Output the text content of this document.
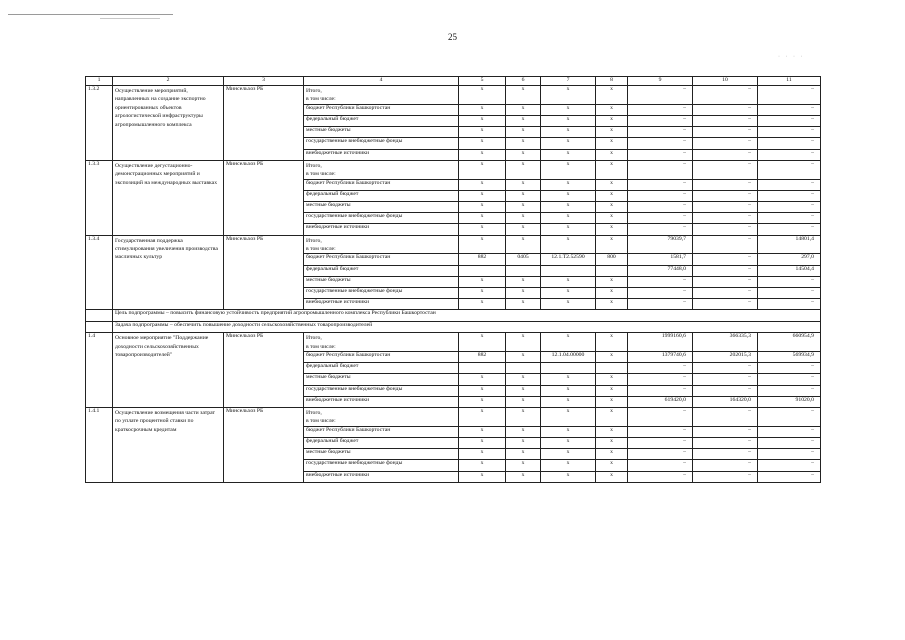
25
· · · ·
1	2	3	4	5	6	7	8	9	10	11
1.3.2	Осуществление мероприятий, направленных на создание экспортно ориентированных объектов агрологистической инфраструктуры агропромышленного комплекса	Минсельхоз РБ	Итого,
в том числе:	x	x	x	x	–	–	–
			бюджет Республики Башкортостан	x	x	x	x	–	–	–
			федеральный бюджет	x	x	x	x	–	–	–
			местные бюджеты	x	x	x	x	–	–	–
			государственные внебюджетные фонды	x	x	x	x	–	–	–
			внебюджетные источники	x	x	x	x	–	–	–
1.3.3	Осуществление дегустационно-демонстрационных мероприятий и экспозиций на международных выставках	Минсельхоз РБ	Итого,
в том числе:	x	x	x	x	–	–	–
			бюджет Республики Башкортостан	x	x	x	x	–	–	–
			федеральный бюджет	x	x	x	x	–	–	–
			местные бюджеты	x	x	x	x	–	–	–
			государственные внебюджетные фонды	x	x	x	x	–	–	–
			внебюджетные источники	x	x	x	x	–	–	–
1.3.4	Государственная поддержка стимулирования увеличения производства масличных культур	Минсельхоз РБ	Итого,
в том числе:	x	x	x	x	79039,7	–	14801,4
			бюджет Республики Башкортостан	882	0405	12.1.T2.52590	800	1581,7	–	297,0
			федеральный бюджет					77448,0	–	14504,4
			местные бюджеты	x	x	x	x	–	–	–
			государственные внебюджетные фонды	x	x	x	x	–	–	–
			внебюджетные источники	x	x	x	x	–	–	–
	Цель подпрограммы – повысить финансовую устойчивость предприятий агропромышленного комплекса Республики Башкортостан									
	Задача подпрограммы – обеспечить повышение доходности сельскохозяйственных товаропроизводителей									
1.4	Основное мероприятие "Поддержание доходности сельскохозяйственных товаропроизводителей"	Минсельхоз РБ	Итого,
в том числе:	x	x	x	x	1999160,6	366335,3	660954,9
			бюджет Республики Башкортостан	882	x	12.1.04.00000	x	1379740,6	202015,3	569934,9
			федеральный бюджет					–	–	–
			местные бюджеты	x	x	x	x	–	–	–
			государственные внебюджетные фонды	x	x	x	x	–	–	–
			внебюджетные источники	x	x	x	x	619420,0	164320,0	91020,0
1.4.1	Осуществление возмещения части затрат по уплате процентной ставки по краткосрочным кредитам	Минсельхоз РБ	Итого,
в том числе:	x	x	x	x	–	–	–
			бюджет Республики Башкортостан	x	x	x	x	–	–	–
			федеральный бюджет	x	x	x	x	–	–	–
			местные бюджеты	x	x	x	x	–	–	–
			государственные внебюджетные фонды	x	x	x	x	–	–	–
			внебюджетные источники	x	x	x	x	–	–	–
